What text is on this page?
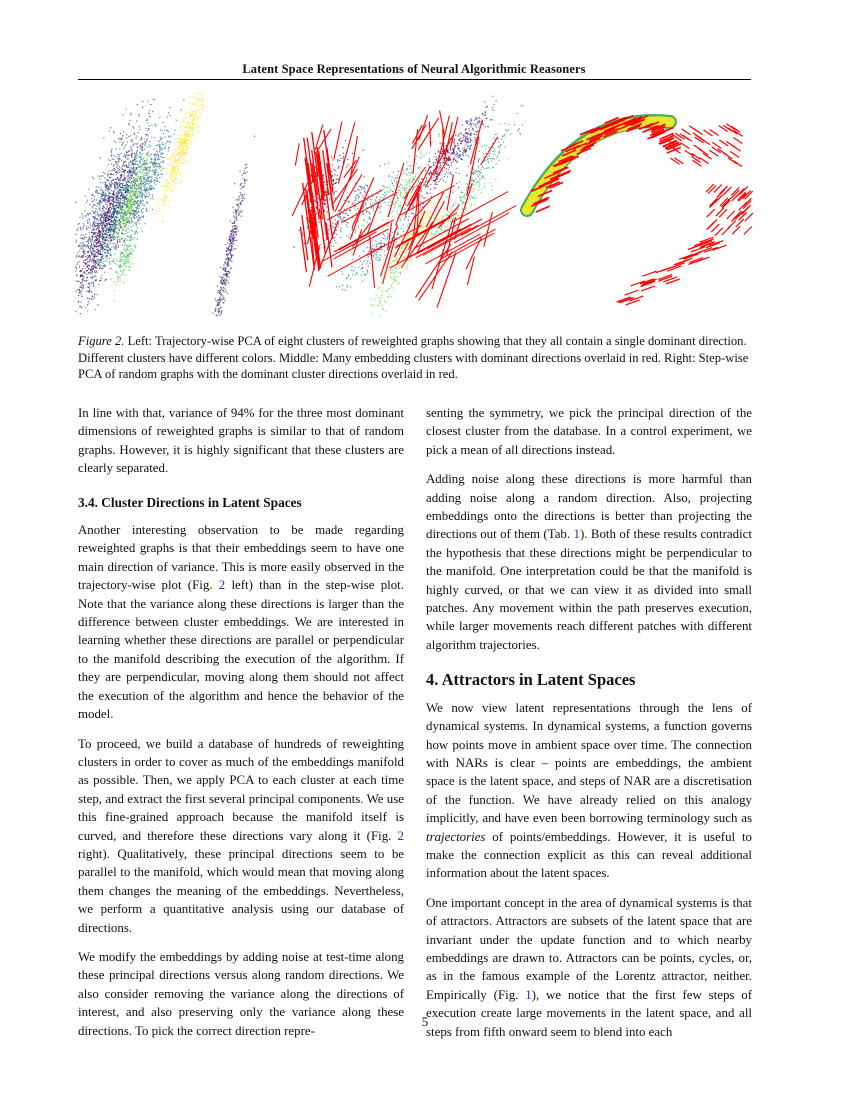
Latent Space Representations of Neural Algorithmic Reasoners
Figure 2. Left: Trajectory-wise PCA of eight clusters of reweighted graphs showing that they all contain a single dominant direction. Different clusters have different colors. Middle: Many embedding clusters with dominant directions overlaid in red. Right: Step-wise PCA of random graphs with the dominant cluster directions overlaid in red.

In line with that, variance of 94% for the three most dominant dimensions of reweighted graphs is similar to that of random graphs. However, it is highly significant that these clusters are clearly separated.

3.4. Cluster Directions in Latent Spaces

Another interesting observation to be made regarding reweighted graphs is that their embeddings seem to have one main direction of variance. This is more easily observed in the trajectory-wise plot (Fig. 2 left) than in the step-wise plot. Note that the variance along these directions is larger than the difference between cluster embeddings. We are interested in learning whether these directions are parallel or perpendicular to the manifold describing the execution of the algorithm. If they are perpendicular, moving along them should not affect the execution of the algorithm and hence the behavior of the model.

To proceed, we build a database of hundreds of reweighting clusters in order to cover as much of the embeddings manifold as possible. Then, we apply PCA to each cluster at each time step, and extract the first several principal components. We use this fine-grained approach because the manifold itself is curved, and therefore these directions vary along it (Fig. 2 right). Qualitatively, these principal directions seem to be parallel to the manifold, which would mean that moving along them changes the meaning of the embeddings. Nevertheless, we perform a quantitative analysis using our database of directions.

We modify the embeddings by adding noise at test-time along these principal directions versus along random directions. We also consider removing the variance along the directions of interest, and also preserving only the variance along these directions. To pick the correct direction repre-

senting the symmetry, we pick the principal direction of the closest cluster from the database. In a control experiment, we pick a mean of all directions instead.

Adding noise along these directions is more harmful than adding noise along a random direction. Also, projecting embeddings onto the directions is better than projecting the directions out of them (Tab. 1). Both of these results contradict the hypothesis that these directions might be perpendicular to the manifold. One interpretation could be that the manifold is highly curved, or that we can view it as divided into small patches. Any movement within the path preserves execution, while larger movements reach different patches with different algorithm trajectories.

4. Attractors in Latent Spaces

We now view latent representations through the lens of dynamical systems. In dynamical systems, a function governs how points move in ambient space over time. The connection with NARs is clear – points are embeddings, the ambient space is the latent space, and steps of NAR are a discretisation of the function. We have already relied on this analogy implicitly, and have even been borrowing terminology such as trajectories of points/embeddings. However, it is useful to make the connection explicit as this can reveal additional information about the latent spaces.

One important concept in the area of dynamical systems is that of attractors. Attractors are subsets of the latent space that are invariant under the update function and to which nearby embeddings are drawn to. Attractors can be points, cycles, or, as in the famous example of the Lorentz attractor, neither. Empirically (Fig. 1), we notice that the first few steps of execution create large movements in the latent space, and all steps from fifth onward seem to blend into each

5
